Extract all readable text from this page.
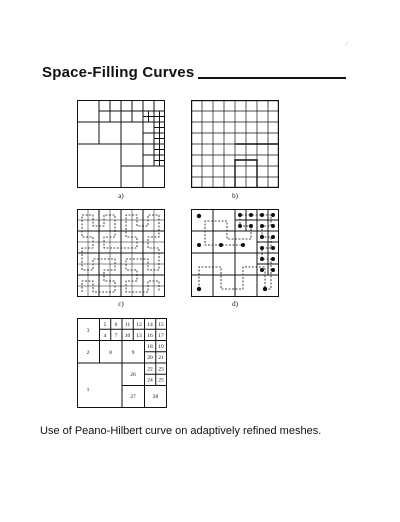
⁄
Space-Filling Curves
a)	b)
c)	d)
1
2
3
4
5 6
7
8	9
10
11 12
13
14 15
16 17
18 19
20 21
22 23
24 25
26
27	28
Use of Peano-Hilbert curve on adaptively refined meshes.
